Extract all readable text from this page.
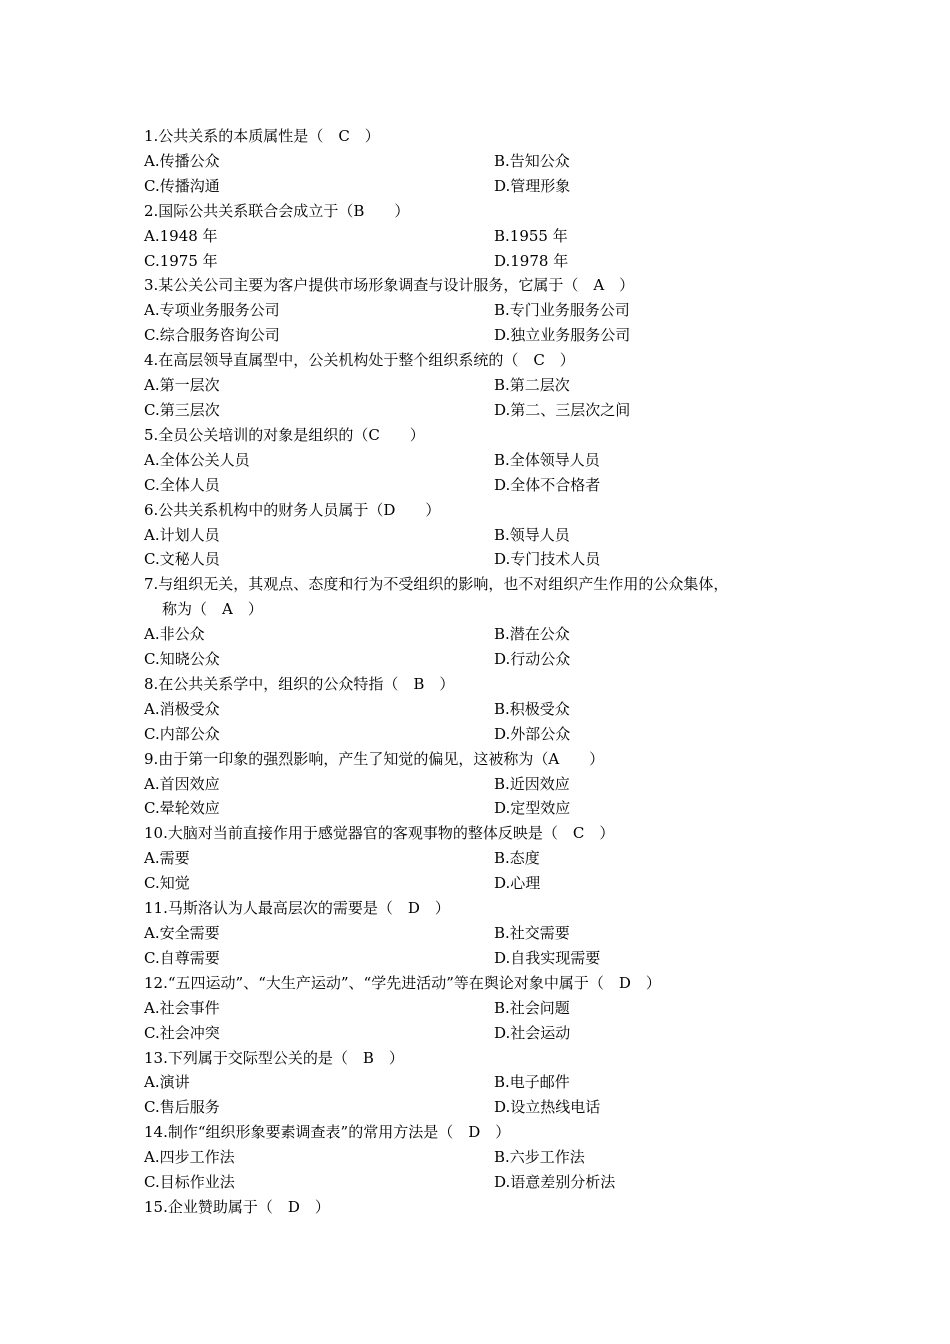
1.公共关系的本质属性是（　C　）
A.传播公众	B.告知公众
C.传播沟通	D.管理形象
2.国际公共关系联合会成立于（B　　）
A.1948 年	B.1955 年
C.1975 年	D.1978 年
3.某公关公司主要为客户提供市场形象调查与设计服务，它属于（　A　）
A.专项业务服务公司	B.专门业务服务公司
C.综合服务咨询公司	D.独立业务服务公司
4.在高层领导直属型中，公关机构处于整个组织系统的（　C　）
A.第一层次	B.第二层次
C.第三层次	D.第二、三层次之间
5.全员公关培训的对象是组织的（C　　）
A.全体公关人员	B.全体领导人员
C.全体人员	D.全体不合格者
6.公共关系机构中的财务人员属于（D　　）
A.计划人员	B.领导人员
C.文秘人员	D.专门技术人员
7.与组织无关，其观点、态度和行为不受组织的影响，也不对组织产生作用的公众集体，
称为（　A　）
A.非公众	B.潜在公众
C.知晓公众	D.行动公众
8.在公共关系学中，组织的公众特指（　B　）
A.消极受众	B.积极受众
C.内部公众	D.外部公众
9.由于第一印象的强烈影响，产生了知觉的偏见，这被称为（A　　）
A.首因效应	B.近因效应
C.晕轮效应	D.定型效应
10.大脑对当前直接作用于感觉器官的客观事物的整体反映是（　C　）
A.需要	B.态度
C.知觉	D.心理
11.马斯洛认为人最高层次的需要是（　D　）
A.安全需要	B.社交需要
C.自尊需要	D.自我实现需要
12.“五四运动”、“大生产运动”、“学先进活动”等在舆论对象中属于（　D　）
A.社会事件	B.社会问题
C.社会冲突	D.社会运动
13.下列属于交际型公关的是（　B　）
A.演讲	B.电子邮件
C.售后服务	D.设立热线电话
14.制作“组织形象要素调查表”的常用方法是（　D　）
A.四步工作法	B.六步工作法
C.目标作业法	D.语意差别分析法
15.企业赞助属于（　D　）
